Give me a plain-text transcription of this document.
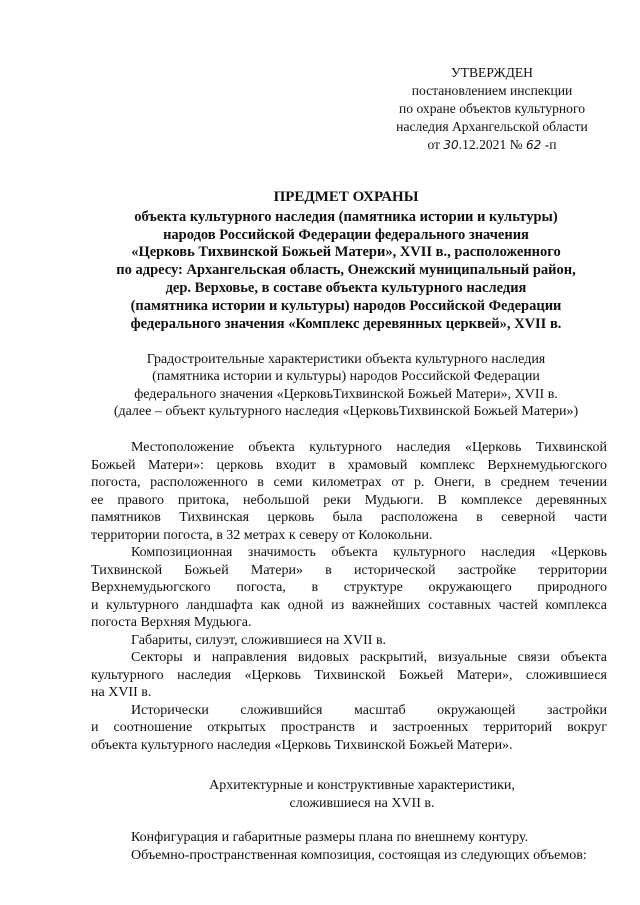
УТВЕРЖДЕН
постановлением инспекции
по охране объектов культурного
наследия Архангельской области
от 30.12.2021 № 62 -п
ПРЕДМЕТ ОХРАНЫ
объекта культурного наследия (памятника истории и культуры)
народов Российской Федерации федерального значения
«Церковь Тихвинской Божьей Матери», XVII в., расположенного
по адресу: Архангельская область, Онежский муниципальный район,
дер. Верховье, в составе объекта культурного наследия
(памятника истории и культуры) народов Российской Федерации
федерального значения «Комплекс деревянных церквей», XVII в.
Градостроительные характеристики объекта культурного наследия
(памятника истории и культуры) народов Российской Федерации
федерального значения «ЦерковьТихвинской Божьей Матери», XVII в.
(далее – объект культурного наследия «ЦерковьТихвинской Божьей Матери»)
Местоположение объекта культурного наследия «Церковь Тихвинской
Божьей Матери»: церковь входит в храмовый комплекс Верхнемудьюгского
погоста, расположенного в семи километрах от р. Онеги, в среднем течении
ее правого притока, небольшой реки Мудьюги. В комплексе деревянных
памятников Тихвинская церковь была расположена в северной части
территории погоста, в 32 метрах к северу от Колокольни.
Композиционная значимость объекта культурного наследия «Церковь
Тихвинской Божьей Матери» в исторической застройке территории
Верхнемудьюгского погоста, в структуре окружающего природного
и культурного ландшафта как одной из важнейших составных частей комплекса
погоста Верхняя Мудьюга.
Габариты, силуэт, сложившиеся на XVII в.
Секторы и направления видовых раскрытий, визуальные связи объекта
культурного наследия «Церковь Тихвинской Божьей Матери», сложившиеся
на XVII в.
Исторически сложившийся масштаб окружающей застройки
и соотношение открытых пространств и застроенных территорий вокруг
объекта культурного наследия «Церковь Тихвинской Божьей Матери».
Архитектурные и конструктивные характеристики,
сложившиеся на XVII в.
Конфигурация и габаритные размеры плана по внешнему контуру.
Объемно-пространственная композиция, состоящая из следующих объемов:
